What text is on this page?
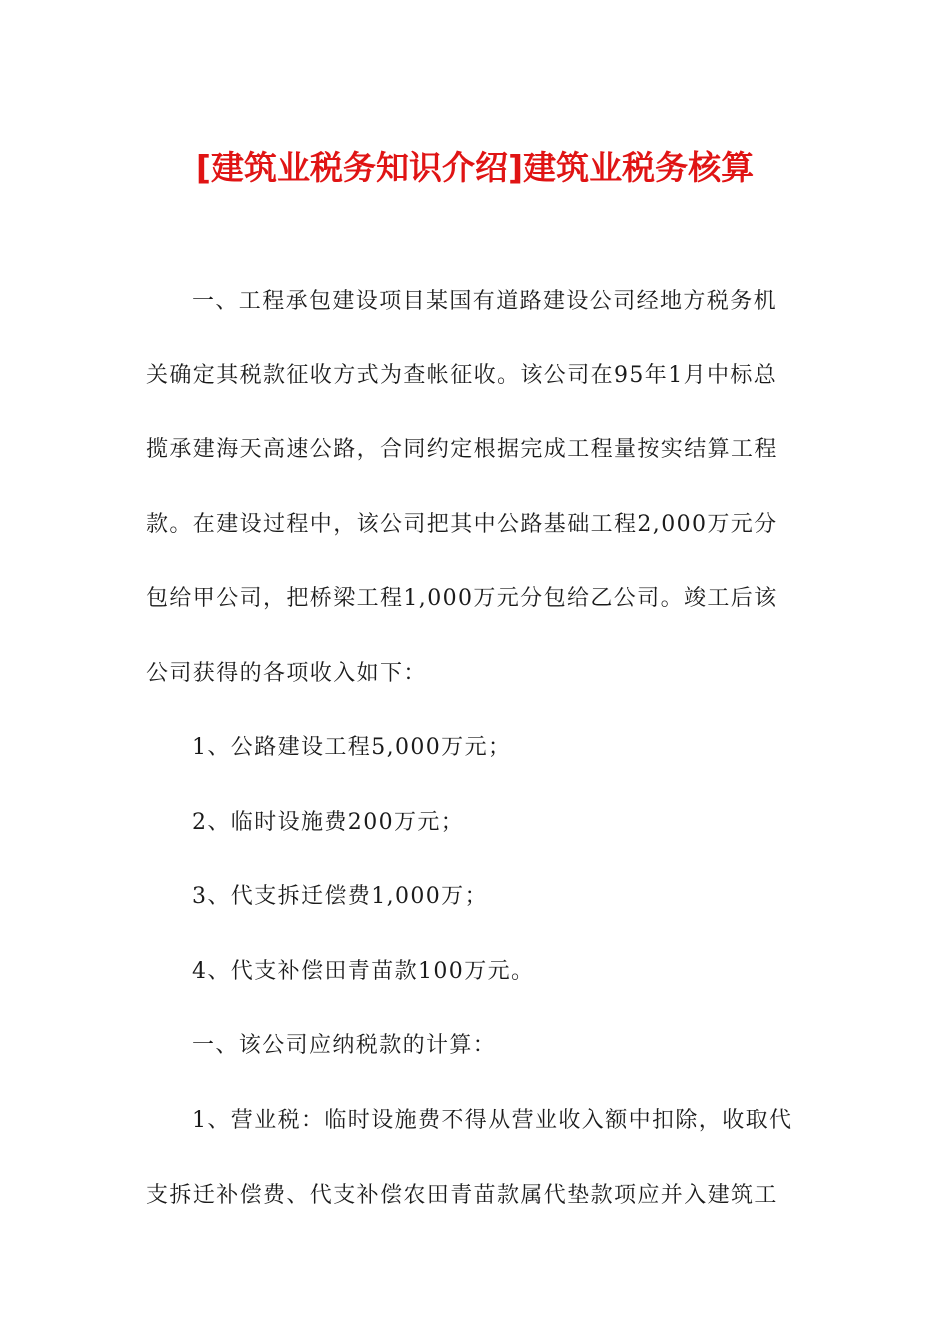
[建筑业税务知识介绍]建筑业税务核算

一、工程承包建设项目某国有道路建设公司经地方税务机

关确定其税款征收方式为查帐征收。该公司在95年1月中标总

揽承建海天高速公路，合同约定根据完成工程量按实结算工程

款。在建设过程中，该公司把其中公路基础工程2,000万元分

包给甲公司，把桥梁工程1,000万元分包给乙公司。竣工后该

公司获得的各项收入如下：

1、公路建设工程5,000万元；

2、临时设施费200万元；

3、代支拆迁偿费1,000万；

4、代支补偿田青苗款100万元。

一、该公司应纳税款的计算：

1、营业税：临时设施费不得从营业收入额中扣除，收取代

支拆迁补偿费、代支补偿农田青苗款属代垫款项应并入建筑工
